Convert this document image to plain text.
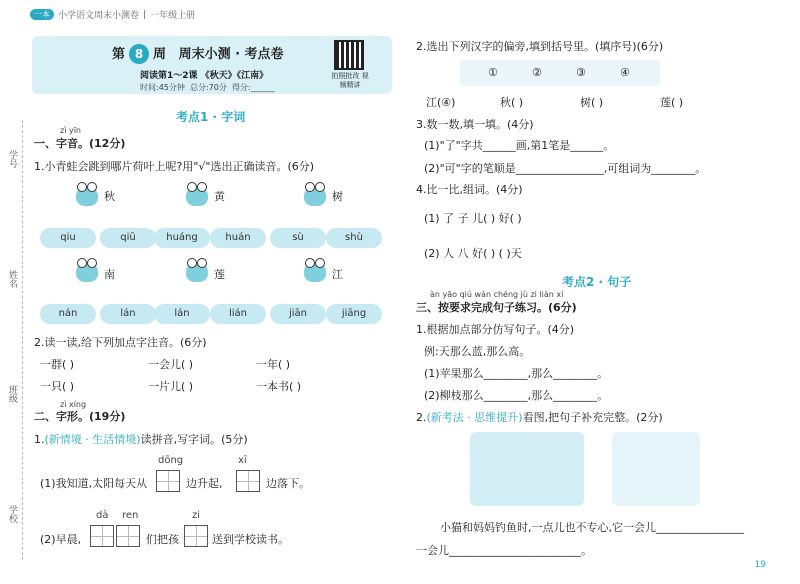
一本 小学语文周末小测卷 | 一年级上册
第 8 周 周末小测 · 考点卷
阅读第1～2课 《秋天》《江南》
时间:45分钟 总分:70分 得分:______
拍照批改 视频精讲
学号
姓名
班级
学校
考点1 · 字词
zì yīn
一、字音。(12分)
1.小青蛙会跳到哪片荷叶上呢?用"√"选出正确读音。(6分)
秋	黄	树
qiu	qiū	huáng	huán	sù	shù
南	莲	江
nán	lán	lán	lián	jiān	jiāng
2.读一读,给下列加点字注音。(6分)
一群( )	一会儿( )	一年( )
一只( )	一片儿( )	一本书( )
zì xíng
二、字形。(19分)
1.(新情境 · 生活情境)读拼音,写字词。(5分)
dōng	xī
(1)我知道,太阳每天从	边升起,	边落下。
dà ren	zi
(2)早晨,	们把孩	送到学校读书。
2.选出下列汉字的偏旁,填到括号里。(填序号)(6分)
①	②	③	④
江(④)	秋( )	树( )	莲( )
3.数一数,填一填。(4分)
(1)"了"字共______画,第1笔是______。
(2)"可"字的笔顺是________________,可组词为________。
4.比一比,组词。(4分)
(1) 了 子 儿( ) 好( )
(2) 人 八 好( ) ( )天
考点2 · 句子
àn yāo qiú wán chéng jù zi liàn xí
三、按要求完成句子练习。(6分)
1.根据加点部分仿写句子。(4分)
例:天那么蓝,那么高。
(1)苹果那么________,那么________。
(2)柳枝那么________,那么________。
2.(新考法 · 思维提升)看图,把句子补充完整。(2分)
小猫和妈妈钓鱼时,一点儿也不专心,它一会儿________________
一会儿________________________。
19
